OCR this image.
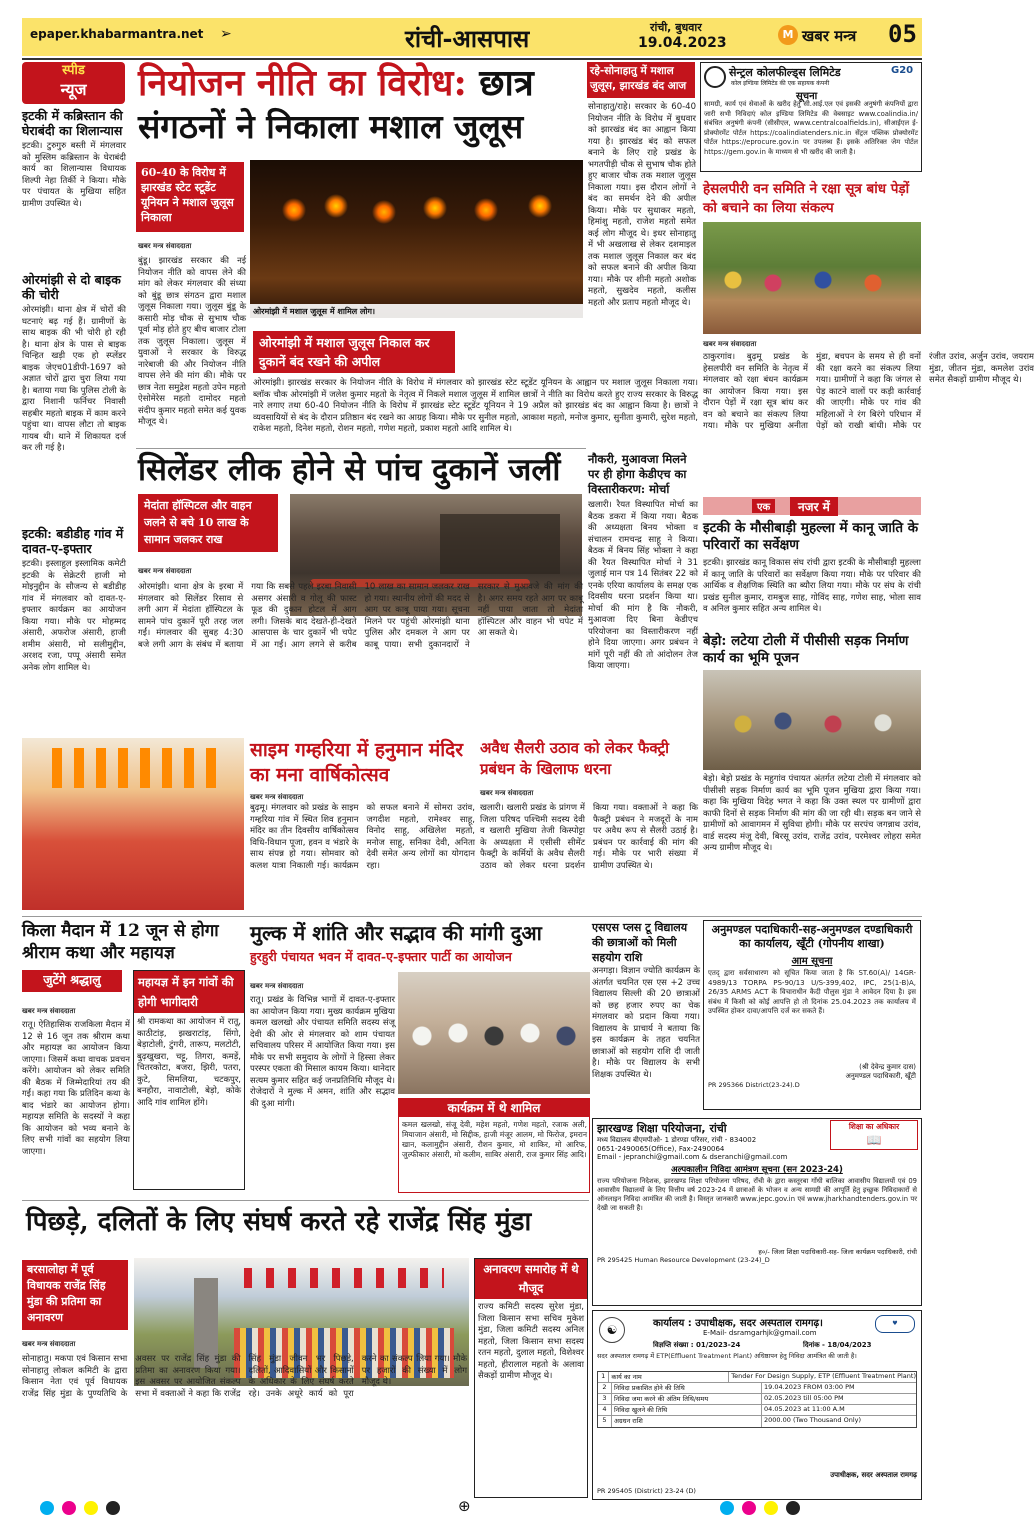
epaper.khabarmantra.net ➢	रांची-आसपास	रांची, बुधवार
19.04.2023
M खबर मन्त्र 05
स्पीड
न्यूज
इटकी में कब्रिस्तान की घेराबंदी का शिलान्यास
इटकी। टुरुगुरु बस्ती में मंगलवार को मुस्लिम कब्रिस्तान के घेराबंदी कार्य का शिलान्यास विधायक शिल्पी नेहा तिर्की ने किया। मौके पर पंचायत के मुखिया सहित ग्रामीण उपस्थित थे।
ओरमांझी से दो बाइक की चोरी
ओरमांझी। थाना क्षेत्र में चोरों की घटनाएं बढ़ गई हैं। ग्रामीणों के साथ बाइक की भी चोरी हो रही है। थाना क्षेत्र के पास से बाइक चिन्हित खड़ी एक हो स्प्लेंडर बाइक जेएच01डीपी-1697 को अज्ञात चोरों द्वारा चुरा लिया गया है। बताया गया कि पुलिस टोली के द्वारा निशानी फर्निचर निवासी सहबीर महतो बाइक में काम करने पहुंचा था। वापस लौटा तो बाइक गायब थी। थाने में शिकायत दर्ज कर ली गई है।
इटकी: बडीडीह गांव में दावत-ए-इफ्तार
इटकी। इस्लाहुल इस्लामिक कमेटी इटकी के सेक्रेटरी हाजी मो मोइनुद्दीन के सौजन्य से बडीडीह गांव में मंगलवार को दावत-ए-इफ्तार कार्यक्रम का आयोजन किया गया। मौके पर मोहम्मद अंसारी, अफरोज अंसारी, हाजी शमीम अंसारी, मो सलीमुद्दीन, अरशद रजा, पप्पू अंसारी समेत अनेक लोग शामिल थे।
नियोजन नीति का विरोध: छात्र
संगठनों ने निकाला मशाल जुलूस
60-40 के विरोध में झारखंड स्टेट स्टूडेंट यूनियन ने मशाल जुलूस निकाला
ओरमांझी में मशाल जुलूस में शामिल लोग।
खबर मन्त्र संवाददाता
बुंडू। झारखंड सरकार की नई नियोजन नीति को वापस लेने की मांग को लेकर मंगलवार की संध्या को बुंडू छात्र संगठन द्वारा मशाल जुलूस निकाला गया। जुलूस बुंडू के कसारी मोड़ चौक से सुभाष चौक पूर्वा मोड़ होते हुए बीच बाजार टोला तक जुलूस निकाला। जुलूस में युवाओं ने सरकार के विरुद्ध नारेबाजी की और नियोजन नीति वापस लेने की मांग की। मौके पर छात्र नेता समुद्रेश महतो उपेन महतो ऐसोमेरेस महतो दामोदर महतो संदीप कुमार महतो समेत कई युवक मौजूद थे।
ओरमांझी में मशाल जुलूस निकाल कर दुकानें बंद रखने की अपील
ओरमांझी। झारखंड सरकार के नियोजन नीति के विरोध में मंगलवार को झारखंड स्टेट स्टूडेंट यूनियन के आह्वान पर मशाल जुलूस निकाला गया। ब्लॉक चौक ओरमांझी में जलेश कुमार महतो के नेतृत्व में निकले मशाल जुलूस में शामिल छात्रों ने नीति का विरोध करते हुए राज्य सरकार के विरुद्ध नारे लगाए तथा 60-40 नियोजन नीति के विरोध में झारखंड स्टेट स्टूडेंट यूनियन ने 19 अप्रैल को झारखंड बंद का आह्वान किया है। छात्रों ने व्यवसायियों से बंद के दौरान प्रतिष्ठान बंद रखने का आग्रह किया। मौके पर सुनील महतो, आकाश महतो, मनोज कुमार, सुनीता कुमारी, सुरेश महतो, राकेश महतो, दिनेश महतो, रोशन महतो, गणेश महतो, प्रकाश महतो आदि शामिल थे।
रहे-सोनाहातु में मशाल जुलूस, झारखंड बंद आज
सोनाहातु/राहे। सरकार के 60-40 नियोजन नीति के विरोध में बुधवार को झारखंड बंद का आह्वान किया गया है। झारखंड बंद को सफल बनाने के लिए राहे प्रखंड के भगतपीड़ी चौक से सुभाष चौक होते हुए बाजार चौक तक मशाल जुलूस निकाला गया। इस दौरान लोगों ने बंद का समर्थन देने की अपील किया। मौके पर सुधाकर महतो, हिमांशु महतो, राजेश महतो समेत कई लोग मौजूद थे। इधर सोनाहातु में भी अखलाख से लेकर दशमाइल तक मशाल जुलूस निकाल कर बंद को सफल बनाने की अपील किया गया। मौके पर शीनी महतो अशोक महतो, सुखदेव महतो, कलीस महतो और प्रताप महतो मौजूद थे।
सेन्ट्रल कोलफील्ड्स लिमिटेड	G20
कोल इण्डिया लिमिटेड की एक सहायक कंपनी
सूचना
सामग्री, कार्य एवं सेवाओं के खरीद हेतु सी.आई.एल एवं इसकी अनुषंगी कंपनियों द्वारा जारी सभी निविदाएं कोल इण्डिया लिमिटेड की वेबसाइट www.coalindia.in/ संबंधित अनुषंगी कंपनी (सीसीएल, www.centralcoalfields.in), सीआईएल ई-प्रोक्योरमेंट पोर्टल https://coalindiatenders.nic.in सेंट्रल पब्लिक प्रोक्योरमेंट पोर्टल https://eprocure.gov.in पर उपलब्ध हैं। इसके अतिरिक्त जेम पोर्टल https://gem.gov.in के माध्यम से भी खरीद की जाती है।
हेसलपीरी वन समिति ने रक्षा सूत्र बांध पेड़ों को बचाने का लिया संकल्प
खबर मन्त्र संवाददाता
ठाकुरगांव। बुढ़मू प्रखंड के हेसलपीरी वन समिति के नेतृत्व में मंगलवार को रक्षा बंधन कार्यक्रम का आयोजन किया गया। इस दौरान पेड़ों में रक्षा सूत्र बांध कर वन को बचाने का संकल्प लिया गया। मौके पर मुखिया अनीता मुंडा, बचपन के समय से ही वनों की रक्षा करने का संकल्प लिया गया। ग्रामीणों ने कहा कि जंगल से पेड़ काटने वालों पर कड़ी कार्रवाई की जाएगी। मौके पर गांव की महिलाओं ने रंग बिरंगे परिधान में पेड़ों को राखी बांधी। मौके पर रंजीत उरांव, अर्जुन उरांव, जयराम मुंडा, जीतन मुंडा, कमलेश उरांव समेत सैकड़ों ग्रामीण मौजूद थे।
सिलेंडर लीक होने से पांच दुकानें जलीं
मेदांता हॉस्पिटल और वाहन जलने से बचे 10 लाख के सामान जलकर राख
खबर मन्त्र संवाददाता
ओरमांझी। थाना क्षेत्र के इरबा में मंगलवार को सिलेंडर रिसाव से लगी आग में मेदांता हॉस्पिटल के सामने पांच दुकानें पूरी तरह जल गईं। मंगलवार की सुबह 4:30 बजे लगी आग के संबंध में बताया गया कि सबसे पहले इरबा निवासी असगर अंसारी व गोलू की फास्ट फूड की दुकान होटल में आग लगी। जिसके बाद देखते-ही-देखते आसपास के चार दुकानें भी चपेट में आ गईं। आग लगने से करीब 10 लाख का सामान जलकर राख हो गया। स्थानीय लोगों की मदद से आग पर काबू पाया गया। सूचना मिलने पर पहुंची ओरमांझी थाना पुलिस और दमकल ने आग पर काबू पाया। सभी दुकानदारों ने सरकार से मुआवजे की मांग की है। अगर समय रहते आग पर काबू नहीं पाया जाता तो मेदांता हॉस्पिटल और वाहन भी चपेट में आ सकते थे।
नौकरी, मुआवजा मिलने पर ही होगा केडीएच का विस्तारीकरण: मोर्चा
खलारी। रैयत विस्थापित मोर्चा का बैठक डकरा में किया गया। बैठक की अध्यक्षता बिनय भोक्ता व संचालन रामचन्द्र साहू ने किया। बैठक में बिनय सिंह भोक्ता ने कहा की रैयत विस्थापित मोर्चा ने 31 जुलाई मान पत्र 14 सितंबर 22 को एनके एरिया कार्यालय के समक्ष एक दिवसीय धरना प्रदर्शन किया था। मोर्चा की मांग है कि नौकरी, मुआवजा दिए बिना केडीएच परियोजना का विस्तारीकरण नहीं होने दिया जाएगा। अगर प्रबंधन ने मांगें पूरी नहीं की तो आंदोलन तेज किया जाएगा।
एक	नजर में
इटकी के मौसीबाड़ी मुहल्ला में कानू जाति के परिवारों का सर्वेक्षण
इटकी। झारखंड कानू विकास संघ रांची द्वारा इटकी के मौसीबाड़ी मुहल्ला में कानू जाति के परिवारों का सर्वेक्षण किया गया। मौके पर परिवार की आर्थिक व शैक्षणिक स्थिति का ब्यौरा लिया गया। मौके पर संघ के रांची प्रखंड सुनील कुमार, रामबुज साह, गोविंद साह, गणेश साह, भोला साव व अनिल कुमार सहित अन्य शामिल थे।
बेड़ो: लटेया टोली में पीसीसी सड़क निर्माण कार्य का भूमि पूजन
बेड़ो। बेड़ो प्रखंड के महुगांव पंचायत अंतर्गत लटेया टोली में मंगलवार को पीसीसी सड़क निर्माण कार्य का भूमि पूजन मुखिया द्वारा किया गया। कहा कि मुखिया विदेह भगत ने कहा कि उक्त स्थल पर ग्रामीणों द्वारा काफी दिनों से सड़क निर्माण की मांग की जा रही थी। सड़क बन जाने से ग्रामीणों को आवागमन में सुविधा होगी। मौके पर सरपंच जगन्नाथ उरांव, वार्ड सदस्य मंजू देवी, बिरसू उरांव, राजेंद्र उरांव, परमेश्वर लोहरा समेत अन्य ग्रामीण मौजूद थे।
साइम गम्हरिया में हनुमान मंदिर का मना वार्षिकोत्सव
खबर मन्त्र संवाददाता
बुढ़मू। मंगलवार को प्रखंड के साइम गम्हरिया गांव में स्थित शिव हनुमान मंदिर का तीन दिवसीय वार्षिकोत्सव विधि-विधान पूजा, हवन व भंडारे के साथ संपन्न हो गया। सोमवार को कलश यात्रा निकाली गई। कार्यक्रम को सफल बनाने में सोमरा उरांव, जगदीश महतो, रामेश्वर साहू, विनोद साहू, अखिलेश महतो, मनोज साहू, सनिका देवी, अनिता देवी समेत अन्य लोगों का योगदान रहा।
अवैध सैलरी उठाव को लेकर फैक्ट्री प्रबंधन के खिलाफ धरना
खबर मन्त्र संवाददाता
खलारी। खलारी प्रखंड के प्रांगण में जिला परिषद पश्चिमी सदस्य देवी व खलारी मुखिया तेजी किस्पोट्टा के अध्यक्षता में एसीसी सीमेंट फैक्ट्री के कर्मियों के अवैध सैलरी उठाव को लेकर धरना प्रदर्शन किया गया। वक्ताओं ने कहा कि फैक्ट्री प्रबंधन ने मजदूरों के नाम पर अवैध रूप से सैलरी उठाई है। प्रबंधन पर कार्रवाई की मांग की गई। मौके पर भारी संख्या में ग्रामीण उपस्थित थे।
किला मैदान में 12 जून से होगा श्रीराम कथा और महायज्ञ
जुटेंगे श्रद्धालु
खबर मन्त्र संवाददाता
रातू। ऐतिहासिक राजकिला मैदान में 12 से 16 जून तक श्रीराम कथा और महायज्ञ का आयोजन किया जाएगा। जिसमें कथा वाचक प्रवचन करेंगे। आयोजन को लेकर समिति की बैठक में जिम्मेदारियां तय की गईं। कहा गया कि प्रतिदिन कथा के बाद भंडारे का आयोजन होगा। महायज्ञ समिति के सदस्यों ने कहा कि आयोजन को भव्य बनाने के लिए सभी गांवों का सहयोग लिया जाएगा।
महायज्ञ में इन गांवों की होगी भागीदारी
श्री रामकथा का आयोजन में रातू, काठीटांड़, झखराटांड़, सिंगो, बेड़ाटोली, टुंगरी, तारूप, मलटोटी, बुढ़खुखरा, चट्टू, तिगरा, कमड़ें, चितरकोटा, बजरा, झिरी, पतरा, कुटे, सिमलिया, चटकपुर, बनहौरा, नावाटोली, बेड़ो, कोके आदि गांव शामिल होंगे।
मुल्क में शांति और सद्भाव की मांगी दुआ
हुरहुरी पंचायत भवन में दावत-ए-इफ्तार पार्टी का आयोजन
खबर मन्त्र संवाददाता
रातू। प्रखंड के विभिन्न भागों में दावत-ए-इफ्तार का आयोजन किया गया। मुख्य कार्यक्रम मुखिया कमल खलखो और पंचायत समिति सदस्य संजू देवी की ओर से मंगलवार को शाम पंचायत सचिवालय परिसर में आयोजित किया गया। इस मौके पर सभी समुदाय के लोगों ने हिस्सा लेकर परस्पर एकता की मिसाल कायम किया। थानेदार सत्यम कुमार सहित कई जनप्रतिनिधि मौजूद थे। रोजेदारों ने मुल्क में अमन, शांति और सद्भाव की दुआ मांगी।	कार्यक्रम में थे शामिल
कमल खलखो, संजू देवी, महेश महतो, गणेश महतो, रजाक अली, मियाजान अंसारी, मो सिद्दीक, हाजी मंजूर आलम, मो फिरोज, इमरान खान, कलामुद्दीन अंसारी, रौशन कुमार, मो शाकिर, मो आरिफ, जुल्फीकार अंसारी, मो कलीम, साबिर अंसारी, राज कुमार सिंह आदि।
एसएस प्लस टू विद्यालय की छात्राओं को मिली सहयोग राशि
अनगड़ा। विज्ञान ज्योति कार्यक्रम के अंतर्गत चयनित एस एस +2 उच्च विद्यालय सिल्ली की 20 छात्राओं को छह हजार रुपए का चेक मंगलवार को प्रदान किया गया। विद्यालय के प्राचार्य ने बताया कि इस कार्यक्रम के तहत चयनित छात्राओं को सहयोग राशि दी जाती है। मौके पर विद्यालय के सभी शिक्षक उपस्थित थे।
अनुमण्डल पदाधिकारी-सह-अनुमण्डल दण्डाधिकारी का कार्यालय, खूँटी (गोपनीय शाखा)
आम सूचना
एतद् द्वारा सर्वसाधारण को सूचित किया जाता है कि ST.60(A)/ 14GR-4989/13 TORPA PS-90/13 U/S-399,402, IPC, 25(1-B)A, 26/35 ARMS ACT के विचाराधीन कैदी पौलुस मुंडा ने आवेदन दिया है। इस संबंध में किसी को कोई आपत्ति हो तो दिनांक 25.04.2023 तक कार्यालय में उपस्थित होकर दावा/आपत्ति दर्ज कर सकते हैं।
(श्री देवेन्द्र कुमार दास)
अनुमण्डल पदाधिकारी, खूँटी
PR 295366 District(23-24).D
झारखण्ड शिक्षा परियोजना, रांची
मध्य विद्यालय बीएमपीओ- 1 डोरण्डा परिसर, रांची - 834002
0651-2490065(Office), Fax-2490064
Email - jepranchi@gmail.com & dseranchi@gmail.com
अल्पकालीन निविदा आमंत्रण सूचना (सन 2023-24)
राज्य परियोजना निदेशक, झारखण्ड शिक्षा परियोजना परिषद, राँची के द्वारा कस्तूरबा गाँधी बालिका आवासीय विद्यालयों एवं 09 आवासीय विद्यालयों के लिए वित्तीय वर्ष 2023-24 में छात्राओं के भोजन व अन्य सामग्री की आपूर्ति हेतु इच्छुक निविदाकारों से ऑनलाइन निविदा आमंत्रित की जाती है। विस्तृत जानकारी www.jepc.gov.in एवं www.jharkhandtenders.gov.in पर देखी जा सकती है।
ह०/- जिला शिक्षा पदाधिकारी-सह- जिला कार्यक्रम पदाधिकारी, रांची
PR 295425 Human Resource Development (23-24)_D
शिक्षा का अधिकार
📖
पिछड़े, दलितों के लिए संघर्ष करते रहे राजेंद्र सिंह मुंडा
बरसालोहा में पूर्व विधायक राजेंद्र सिंह मुंडा की प्रतिमा का अनावरण
अनावरण समारोह में थे मौजूद
राज्य कमिटी सदस्य सुरेश मुंडा, जिला किसान सभा सचिव मुकेश मुंडा, जिला कमिटी सदस्य अनिल महतो, जिला किसान सभा सदस्य रतन महतो, दुलाल महतो, विशेश्वर महतो, हीरालाल महतो के अलावा सैकड़ों ग्रामीण मौजूद थे।
खबर मन्त्र संवाददाता
सोनाहातु। मकपा एवं किसान सभा सोनाहातु लोकल कमिटी के द्वारा किसान नेता एवं पूर्व विधायक राजेंद्र सिंह मुंडा के पुण्यतिथि के अवसर पर राजेंद्र सिंह मुंडा की प्रतिमा का अनावरण किया गया। इस अवसर पर आयोजित संकल्प सभा में वक्ताओं ने कहा कि राजेंद्र सिंह मुंडा जीवन भर पिछड़े, दलितों, आदिवासियों और किसानों के अधिकार के लिए संघर्ष करते रहे। उनके अधूरे कार्य को पूरा करने का संकल्प लिया गया। मौके पर हजारों की संख्या में लोग मौजूद थे।
☯	कार्यालय : उपाधीक्षक, सदर अस्पताल रामगढ़।
E-Mail- dsramgarhjk@gmail.com
♥
विज्ञप्ति संख्या : 01/2023-24	दिनांक - 18/04/2023
सदर अस्पताल रामगढ़ में ETP(Effluent Treatment Plant) अधिष्ठापन हेतु निविदा आमंत्रित की जाती है।
1 कार्य का नाम	Tender For Design Supply, ETP (Effluent Treatment Plant)
2	निविदा प्रकाशित होने की तिथि	19.04.2023 FROM 03:00 PM
3	निविदा जमा करने की अंतिम तिथि/समय	02.05.2023 till 05:00 PM
4	निविदा खुलने की तिथि	04.05.2023 at 11:00 A.M
5	अग्रधन राशि	2000.00 (Two Thousand Only)
उपाधीक्षक, सदर अस्पताल रामगढ़
PR 295405 (District) 23-24 (D)

⊕
